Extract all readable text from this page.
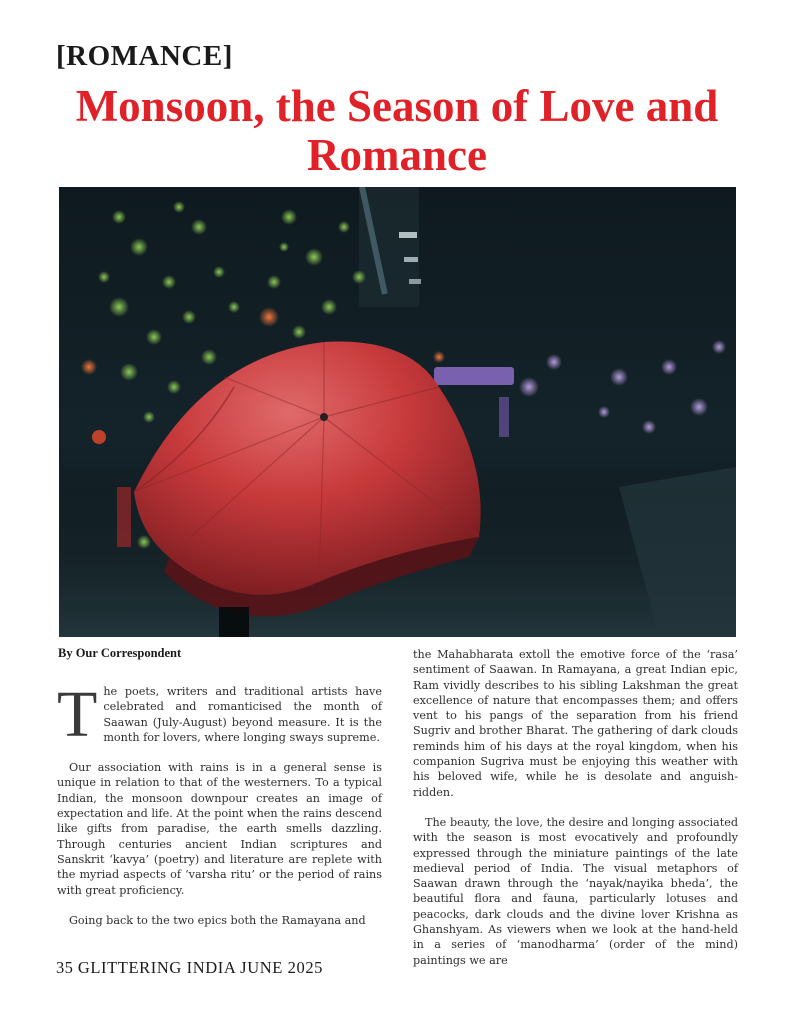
[ROMANCE]
Monsoon, the Season of Love and Romance
By Our Correspondent

The poets, writers and traditional artists have celebrated and romanticised the month of Saawan (July-August) beyond measure. It is the month for lovers, where longing sways supreme.

Our association with rains is in a general sense is unique in relation to that of the westerners. To a typical Indian, the monsoon downpour creates an image of expectation and life. At the point when the rains descend like gifts from paradise, the earth smells dazzling. Through centuries ancient Indian scriptures and Sanskrit ‘kavya’ (poetry) and literature are replete with the myriad aspects of ‘varsha ritu’ or the period of rains with great proficiency.

Going back to the two epics both the Ramayana and

the Mahabharata extoll the emotive force of the ‘rasa’ sentiment of Saawan. In Ramayana, a great Indian epic, Ram vividly describes to his sibling Lakshman the great excellence of nature that encompasses them; and offers vent to his pangs of the separation from his friend Sugriv and brother Bharat. The gathering of dark clouds reminds him of his days at the royal kingdom, when his companion Sugriva must be enjoying this weather with his beloved wife, while he is desolate and anguish-ridden.

The beauty, the love, the desire and longing associated with the season is most evocatively and profoundly expressed through the miniature paintings of the late medieval period of India. The visual metaphors of Saawan drawn through the ‘nayak/nayika bheda’, the beautiful flora and fauna, particularly lotuses and peacocks, dark clouds and the divine lover Krishna as Ghanshyam. As viewers when we look at the hand-held in a series of ‘manodharma’ (order of the mind) paintings we are

35 GLITTERING INDIA JUNE 2025
